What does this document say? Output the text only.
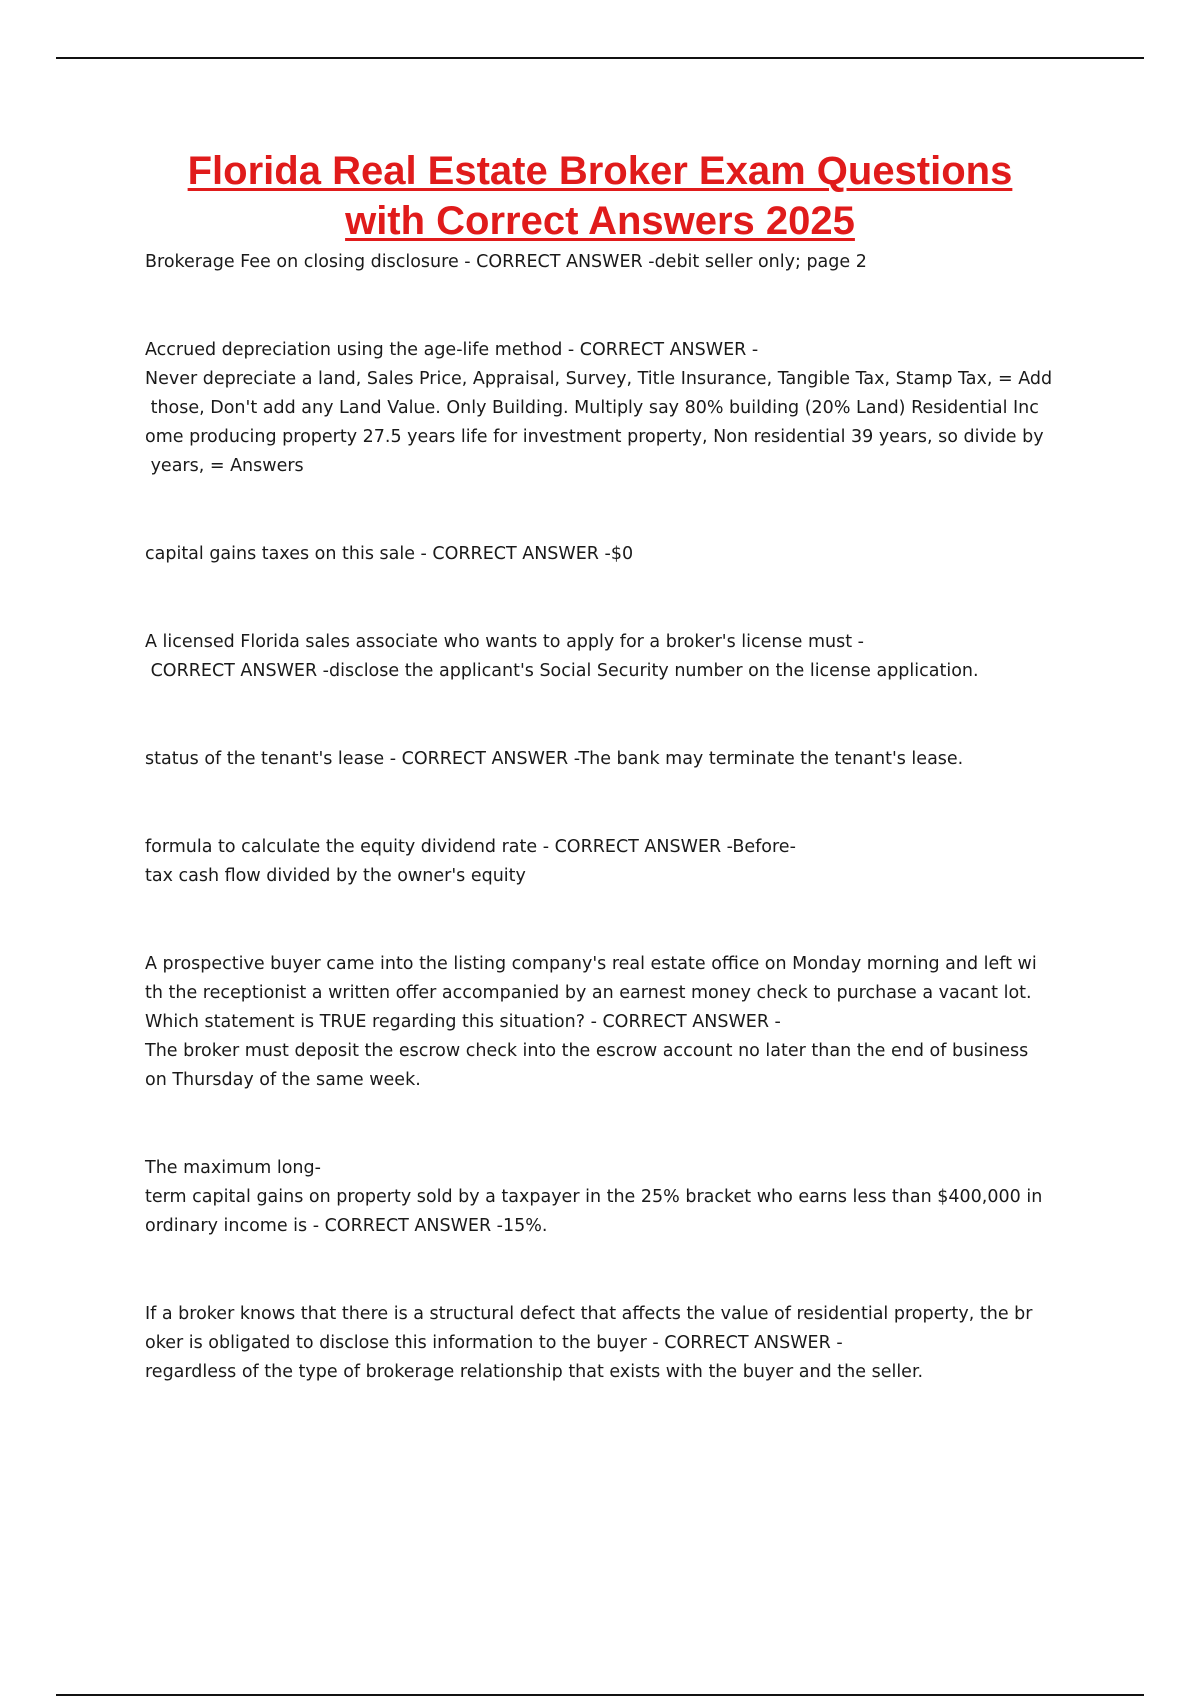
Florida Real Estate Broker Exam Questions
with Correct Answers 2025

Brokerage Fee on closing disclosure - CORRECT ANSWER -debit seller only; page 2

Accrued depreciation using the age-life method - CORRECT ANSWER -

Never depreciate a land, Sales Price, Appraisal, Survey, Title Insurance, Tangible Tax, Stamp Tax, = Add

those, Don't add any Land Value. Only Building. Multiply say 80% building (20% Land) Residential Inc

ome producing property 27.5 years life for investment property, Non residential 39 years, so divide by

years, = Answers

capital gains taxes on this sale - CORRECT ANSWER -$0

A licensed Florida sales associate who wants to apply for a broker's license must -

CORRECT ANSWER -disclose the applicant's Social Security number on the license application.

status of the tenant's lease - CORRECT ANSWER -The bank may terminate the tenant's lease.

formula to calculate the equity dividend rate - CORRECT ANSWER -Before-

tax cash flow divided by the owner's equity

A prospective buyer came into the listing company's real estate office on Monday morning and left wi

th the receptionist a written offer accompanied by an earnest money check to purchase a vacant lot.

Which statement is TRUE regarding this situation? - CORRECT ANSWER -

The broker must deposit the escrow check into the escrow account no later than the end of business

on Thursday of the same week.

The maximum long-

term capital gains on property sold by a taxpayer in the 25% bracket who earns less than $400,000 in

ordinary income is - CORRECT ANSWER -15%.

If a broker knows that there is a structural defect that affects the value of residential property, the br

oker is obligated to disclose this information to the buyer - CORRECT ANSWER -

regardless of the type of brokerage relationship that exists with the buyer and the seller.
